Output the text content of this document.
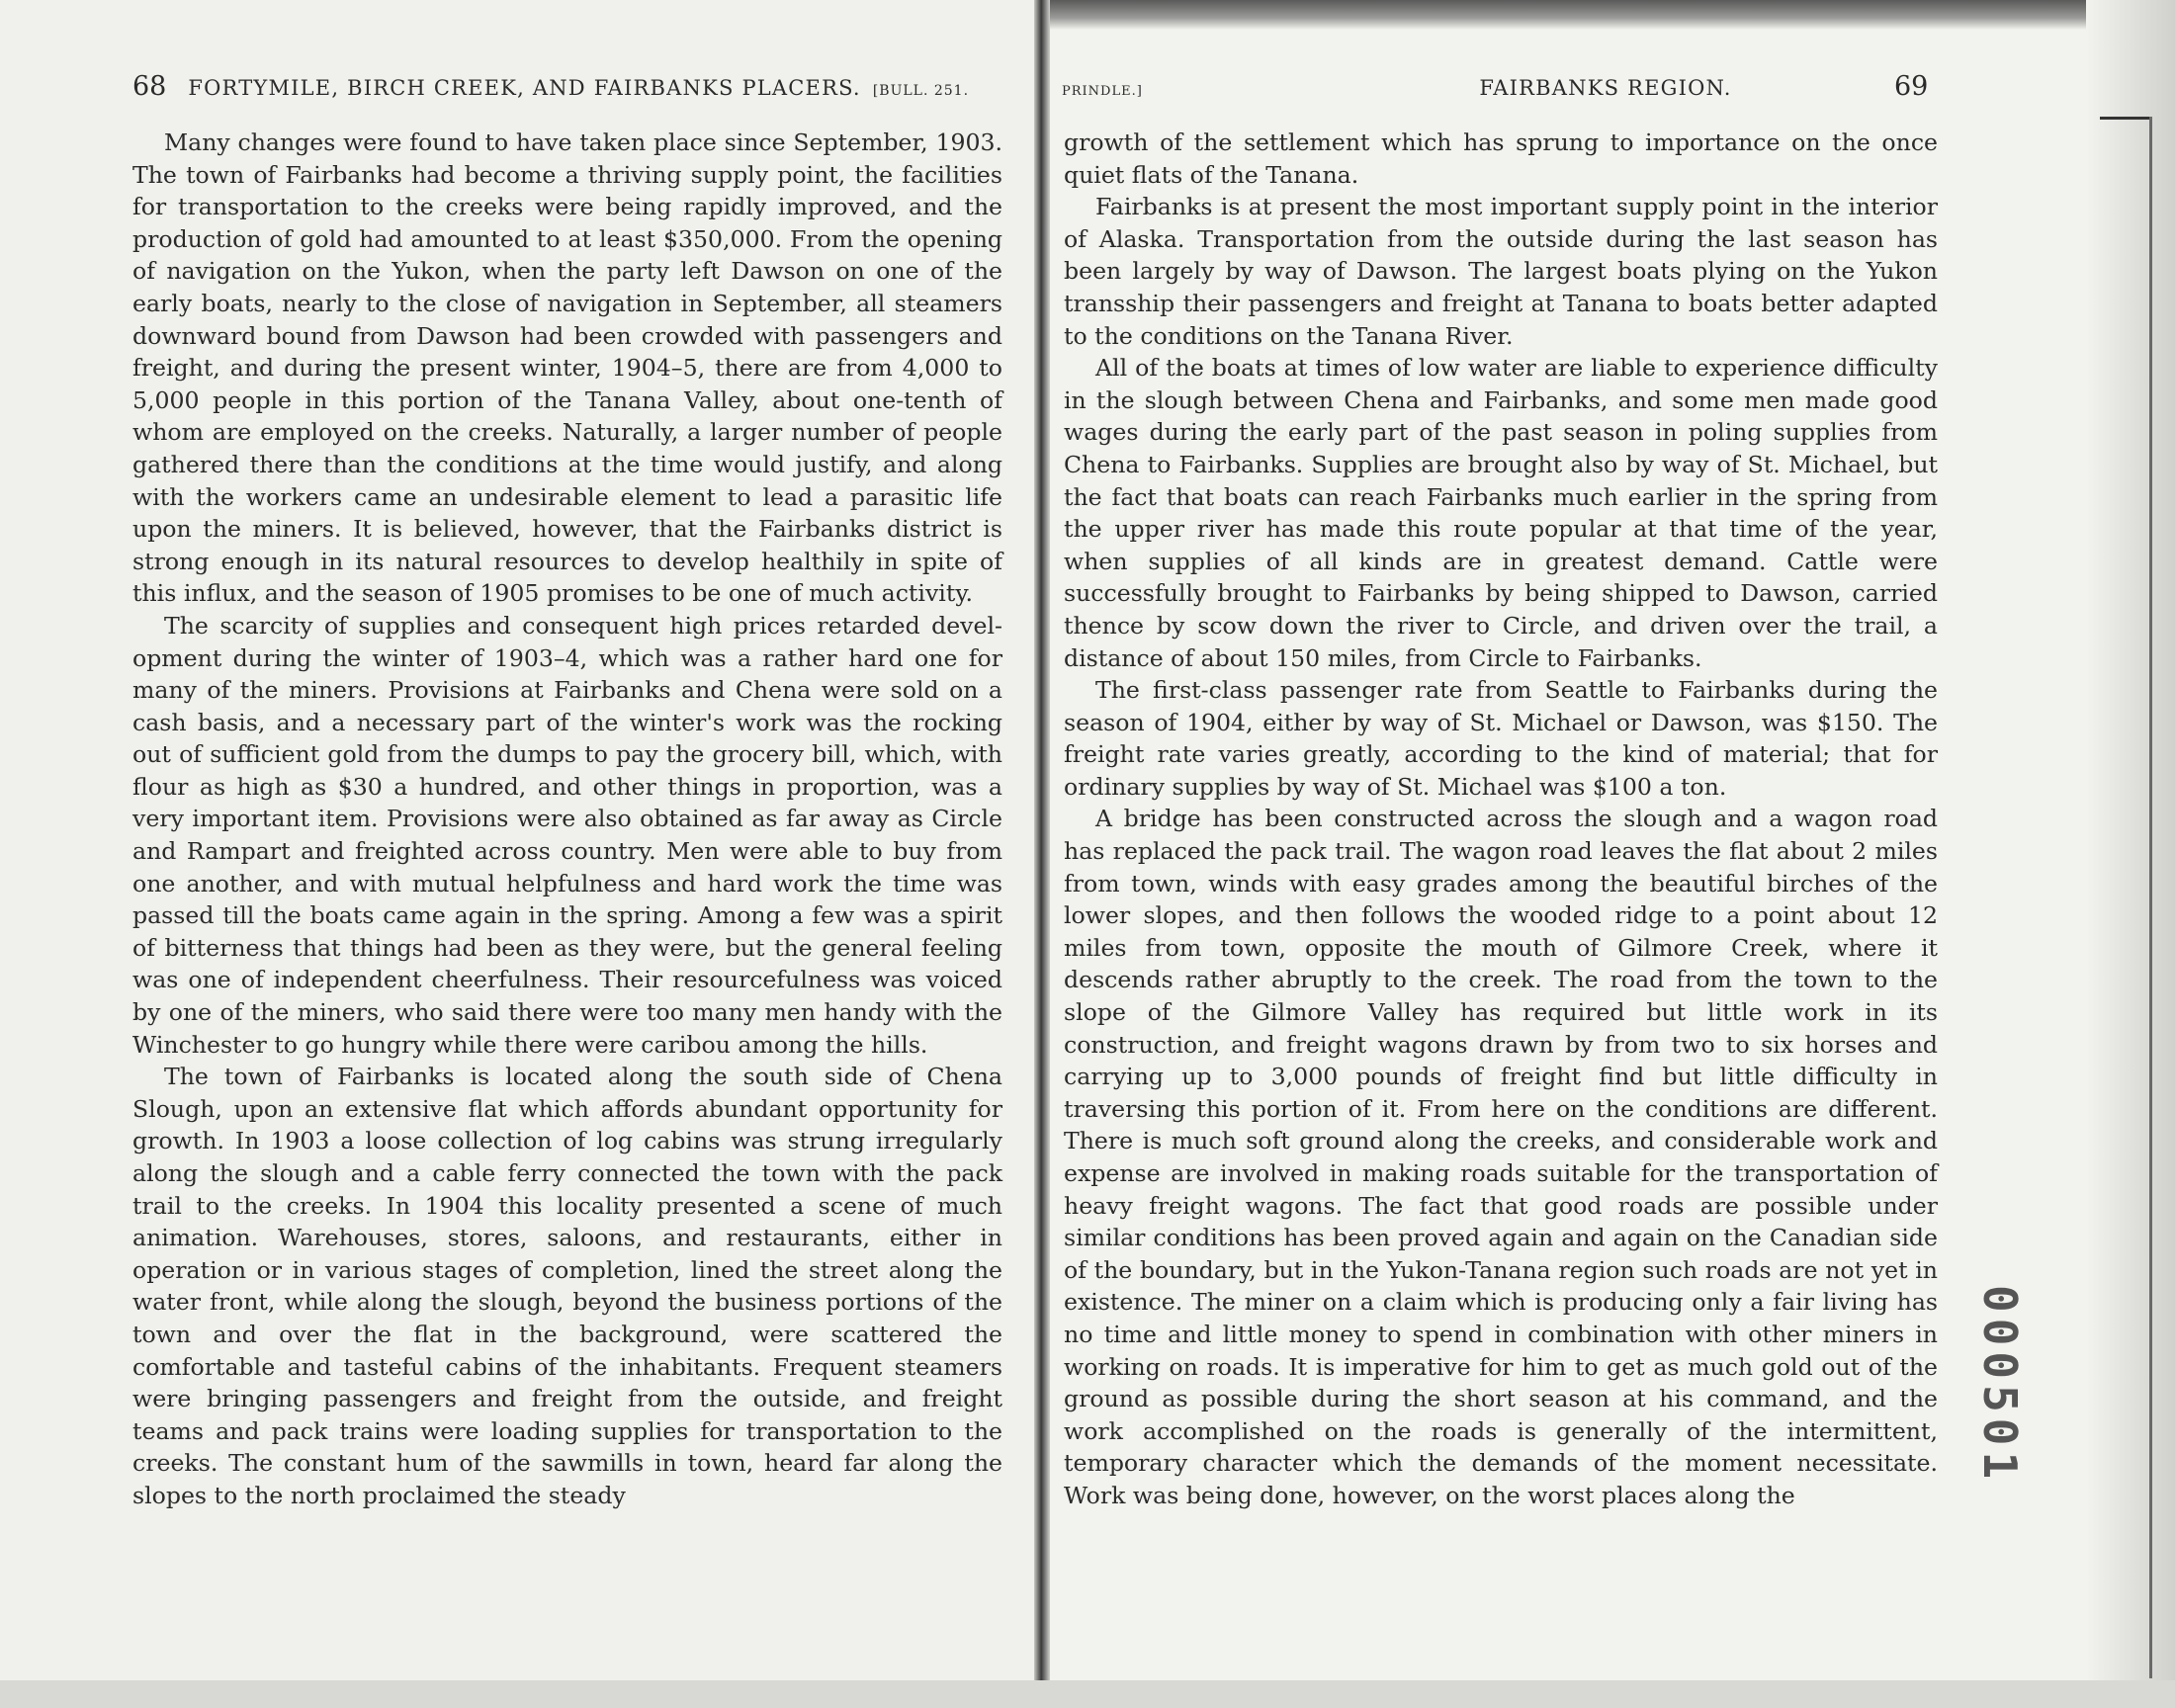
68 FORTYMILE, BIRCH CREEK, AND FAIRBANKS PLACERS. [BULL. 251.	PRINDLE.]	FAIRBANKS REGION.	69

Many changes were found to have taken place since September, 1903. The town of Fairbanks had become a thriving supply point, the facilities for transportation to the creeks were being rapidly improved, and the production of gold had amounted to at least $350,000. From the opening of navigation on the Yukon, when the party left Dawson on one of the early boats, nearly to the close of navigation in September, all steamers downward bound from Dawson had been crowded with passengers and freight, and during the present winter, 1904–5, there are from 4,000 to 5,000 people in this portion of the Tanana Valley, about one-tenth of whom are employed on the creeks. Naturally, a larger number of people gathered there than the conditions at the time would justify, and along with the workers came an undesirable element to lead a parasitic life upon the miners. It is believed, however, that the Fairbanks district is strong enough in its natural resources to develop healthily in spite of this influx, and the season of 1905 promises to be one of much activity.

The scarcity of supplies and consequent high prices retarded development during the winter of 1903–4, which was a rather hard one for many of the miners. Provisions at Fairbanks and Chena were sold on a cash basis, and a necessary part of the winter's work was the rocking out of sufficient gold from the dumps to pay the grocery bill, which, with flour as high as $30 a hundred, and other things in proportion, was a very important item. Provisions were also obtained as far away as Circle and Rampart and freighted across country. Men were able to buy from one another, and with mutual helpfulness and hard work the time was passed till the boats came again in the spring. Among a few was a spirit of bitterness that things had been as they were, but the general feeling was one of independent cheerfulness. Their resourcefulness was voiced by one of the miners, who said there were too many men handy with the Winchester to go hungry while there were caribou among the hills.

The town of Fairbanks is located along the south side of Chena Slough, upon an extensive flat which affords abundant opportunity for growth. In 1903 a loose collection of log cabins was strung irregularly along the slough and a cable ferry connected the town with the pack trail to the creeks. In 1904 this locality presented a scene of much animation. Warehouses, stores, saloons, and restaurants, either in operation or in various stages of completion, lined the street along the water front, while along the slough, beyond the business portions of the town and over the flat in the background, were scattered the comfortable and tasteful cabins of the inhabitants. Frequent steamers were bringing passengers and freight from the outside, and freight teams and pack trains were loading supplies for transportation to the creeks. The constant hum of the sawmills in town, heard far along the slopes to the north proclaimed the steady

growth of the settlement which has sprung to importance on the once quiet flats of the Tanana.

Fairbanks is at present the most important supply point in the interior of Alaska. Transportation from the outside during the last season has been largely by way of Dawson. The largest boats plying on the Yukon transship their passengers and freight at Tanana to boats better adapted to the conditions on the Tanana River.

All of the boats at times of low water are liable to experience difficulty in the slough between Chena and Fairbanks, and some men made good wages during the early part of the past season in poling supplies from Chena to Fairbanks. Supplies are brought also by way of St. Michael, but the fact that boats can reach Fairbanks much earlier in the spring from the upper river has made this route popular at that time of the year, when supplies of all kinds are in greatest demand. Cattle were successfully brought to Fairbanks by being shipped to Dawson, carried thence by scow down the river to Circle, and driven over the trail, a distance of about 150 miles, from Circle to Fairbanks.

The first-class passenger rate from Seattle to Fairbanks during the season of 1904, either by way of St. Michael or Dawson, was $150. The freight rate varies greatly, according to the kind of material; that for ordinary supplies by way of St. Michael was $100 a ton.

A bridge has been constructed across the slough and a wagon road has replaced the pack trail. The wagon road leaves the flat about 2 miles from town, winds with easy grades among the beautiful birches of the lower slopes, and then follows the wooded ridge to a point about 12 miles from town, opposite the mouth of Gilmore Creek, where it descends rather abruptly to the creek. The road from the town to the slope of the Gilmore Valley has required but little work in its construction, and freight wagons drawn by from two to six horses and carrying up to 3,000 pounds of freight find but little difficulty in traversing this portion of it. From here on the conditions are different. There is much soft ground along the creeks, and considerable work and expense are involved in making roads suitable for the transportation of heavy freight wagons. The fact that good roads are possible under similar conditions has been proved again and again on the Canadian side of the boundary, but in the Yukon-Tanana region such roads are not yet in existence. The miner on a claim which is producing only a fair living has no time and little money to spend in combination with other miners in working on roads. It is imperative for him to get as much gold out of the ground as possible during the short season at his command, and the work accomplished on the roads is generally of the intermittent, temporary character which the demands of the moment necessitate. Work was being done, however, on the worst places along the

000501
